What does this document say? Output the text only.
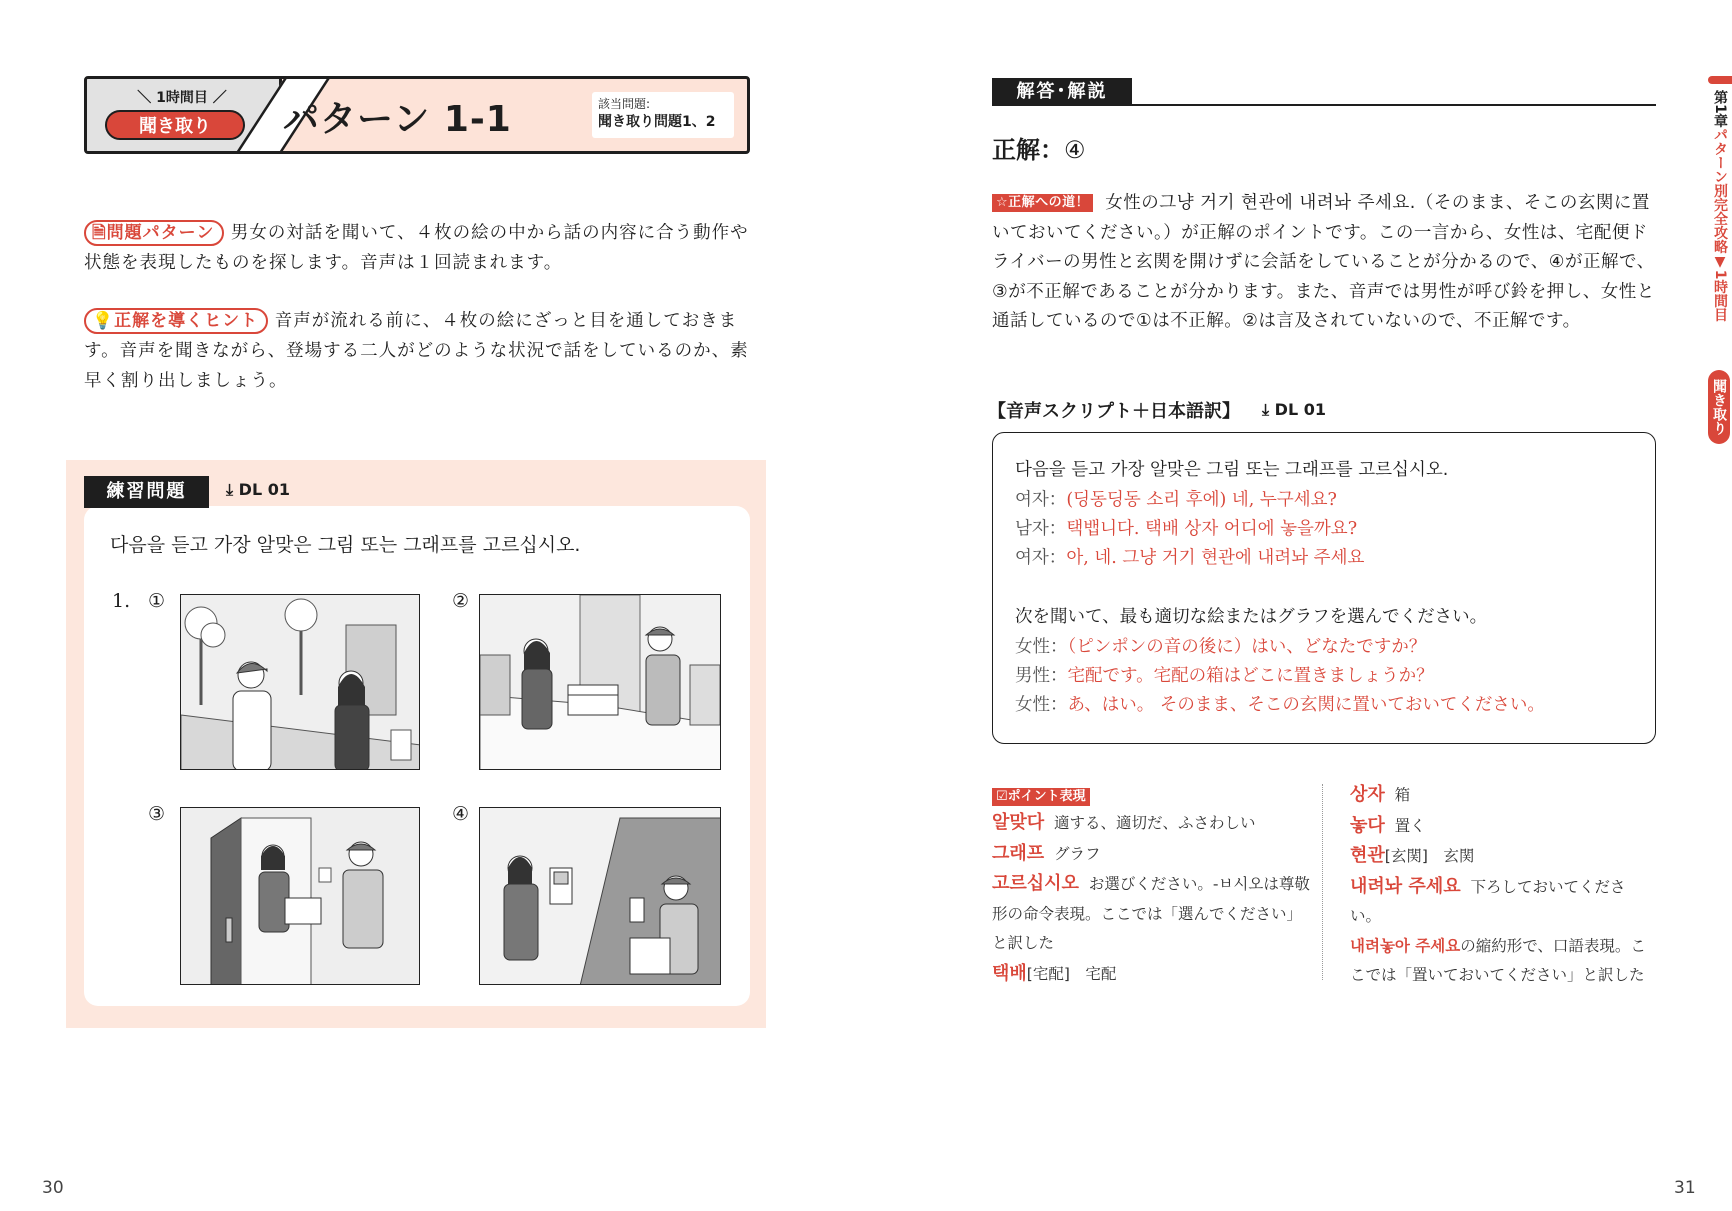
＼ 1時間目 ／
聞き取り	パターン 1-1	該当問題:
聞き取り問題1、2
🗎問題パターン 男女の対話を聞いて、４枚の絵の中から話の内容に合う動作や状態を表現したものを探します。音声は１回読まれます。
💡正解を導くヒント 音声が流れる前に、４枚の絵にざっと目を通しておきます。音声を聞きながら、登場する二人がどのような状況で話をしているのか、素早く割り出しましょう。
練習問題	⤓ DL 01
다음을 듣고 가장 알맞은 그림 또는 그래프를 고르십시오.
1. ①	②
③	④
30
解答･解説
正解：④
☆正解への道！ 女性の그냥 거기 현관에 내려놔 주세요.（そのまま、そこの玄関に置いておいてください。）が正解のポイントです。この一言から、女性は、宅配便ドライバーの男性と玄関を開けずに会話をしていることが分かるので、④が正解で、③が不正解であることが分かります。また、音声では男性が呼び鈴を押し、女性と通話しているので①は不正解。②は言及されていないので、不正解です。
【音声スクリプト＋日本語訳】 ⤓ DL 01
다음을 듣고 가장 알맞은 그림 또는 그래프를 고르십시오.
여자：(딩동딩동 소리 후에) 네, 누구세요?
남자：택뱁니다. 택배 상자 어디에 놓을까요?
여자：아, 네. 그냥 거기 현관에 내려놔 주세요
次を聞いて、最も適切な絵またはグラフを選んでください。
女性：（ピンポンの音の後に）はい、どなたですか？
男性：宅配です。宅配の箱はどこに置きましょうか？
女性：あ、はい。 そのまま、そこの玄関に置いておいてください。
☑ポイント表現
알맞다 適する、適切だ、ふさわしい
그래프 グラフ
고르십시오 お選びください。-ㅂ시오は尊敬形の命令表現。ここでは「選んでください」と訳した
택배[宅配]　宅配
상자 箱
놓다 置く
현관[玄関]　玄関
내려놔 주세요 下ろしておいてください。
내려놓아 주세요の縮約形で、口語表現。ここでは「置いておいてください」と訳した
第1章パターン別完全攻略▼1時間目
聞き取り
31
